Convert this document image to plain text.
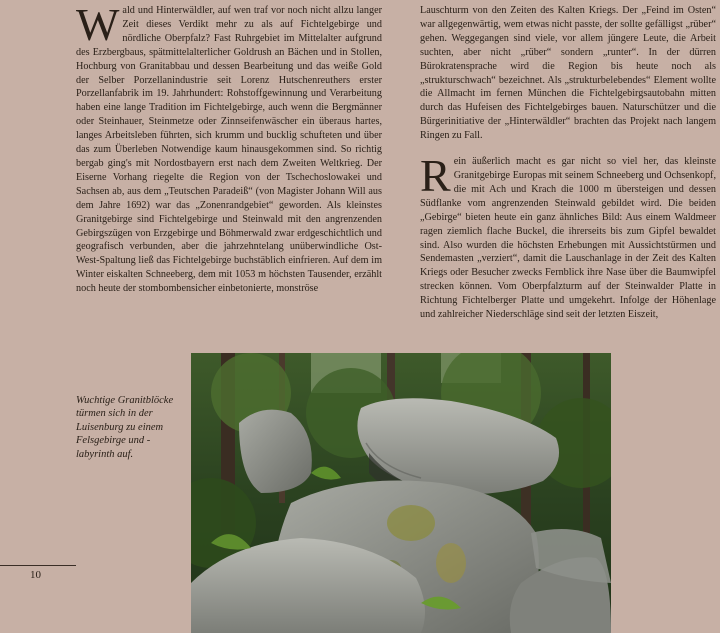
Wald und Hinterwäldler, auf wen traf vor noch nicht allzu langer Zeit dieses Verdikt mehr zu als auf Fichtelgebirge und nördliche Oberpfalz? Fast Ruhrgebiet im Mittelalter aufgrund des Erzbergbaus, spätmittelalterlicher Goldrush an Bächen und in Stollen, Hochburg von Granitabbau und dessen Bearbeitung und das weiße Gold der Selber Porzellanindustrie seit Lorenz Hutschenreuthers erster Porzellanfabrik im 19. Jahrhundert: Rohstoffgewinnung und Verarbeitung haben eine lange Tradition im Fichtelgebirge, auch wenn die Bergmänner oder Steinhauer, Steinmetze oder Zinnseifenwäscher ein überaus hartes, langes Arbeitsleben führten, sich krumm und bucklig schufteten und über das zum Überleben Notwendige kaum hinausgekommen sind. So richtig bergab ging's mit Nordostbayern erst nach dem Zweiten Weltkrieg. Der Eiserne Vorhang riegelte die Region von der Tschechoslowakei und Sachsen ab, aus dem „Teutschen Paradeiß“ (von Magister Johann Will aus dem Jahre 1692) war das „Zonenrandgebiet“ geworden. Als kleinstes Granitgebirge sind Fichtelgebirge und Steinwald mit den angrenzenden Gebirgszügen von Erzgebirge und Böhmerwald zwar erdgeschichtlich und geografisch verbunden, aber die jahrzehntelang unüberwindliche Ost-West-Spaltung ließ das Fichtelgebirge buchstäblich einfrieren. Auf dem im Winter eiskalten Schneeberg, dem mit 1053 m höchsten Tausender, erzählt noch heute der stombombensicher einbetonierte, monströse

Lauschturm von den Zeiten des Kalten Kriegs. Der „Feind im Osten“ war allgegenwärtig, wem etwas nicht passte, der sollte gefälligst „rüber“ gehen. Weggegangen sind viele, vor allem jüngere Leute, die Arbeit suchten, aber nicht „rüber“ sondern „runter“. In der dürren Bürokratensprache wird die Region bis heute noch als „strukturschwach“ bezeichnet. Als „strukturbelebendes“ Element wollte die Allmacht im fernen München die Fichtelgebirgsautobahn mitten durch das Hufeisen des Fichtelgebirges bauen. Naturschützer und die Bürgerinitiative der „Hinterwäldler“ brachten das Projekt nach langem Ringen zu Fall.

Rein äußerlich macht es gar nicht so viel her, das kleinste Granitgebirge Europas mit seinem Schneeberg und Ochsenkopf, die mit Ach und Krach die 1000 m übersteigen und dessen Südflanke vom angrenzenden Steinwald gebildet wird. Die beiden „Gebirge“ bieten heute ein ganz ähnliches Bild: Aus einem Waldmeer ragen ziemlich flache Buckel, die ihrerseits bis zum Gipfel bewaldet sind. Also wurden die höchsten Erhebungen mit Aussichtstürmen und Sendemasten „verziert“, damit die Lauschanlage in der Zeit des Kalten Kriegs oder Besucher zwecks Fernblick ihre Nase über die Baumwipfel strecken können. Vom Oberpfalzturm auf der Steinwalder Platte in Richtung Fichtelberger Platte und umgekehrt. Infolge der Höhenlage und zahlreicher Niederschläge sind seit der letzten Eiszeit,

Wuchtige Granitblöcke türmen sich in der Luisenburg zu einem Felsgebirge und -labyrinth auf.
10
